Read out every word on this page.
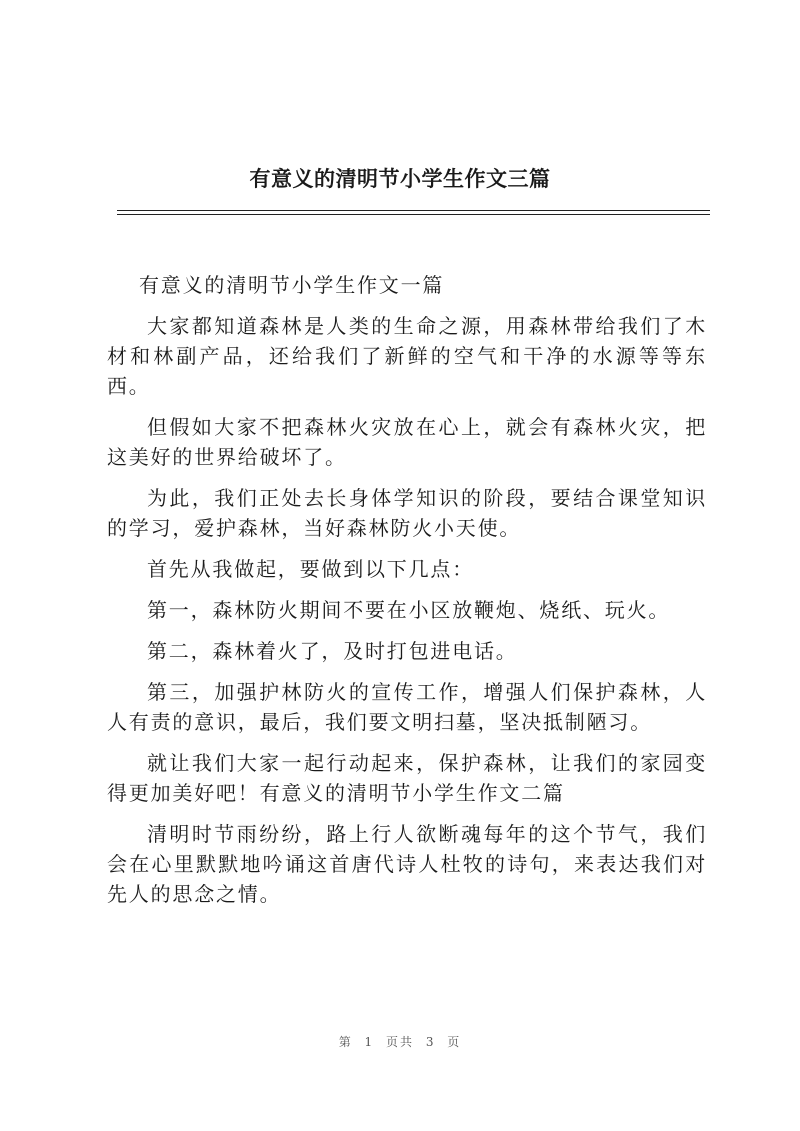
有意义的清明节小学生作文三篇

有意义的清明节小学生作文一篇

大家都知道森林是人类的生命之源，用森林带给我们了木材和林副产品，还给我们了新鲜的空气和干净的水源等等东西。

但假如大家不把森林火灾放在心上，就会有森林火灾，把这美好的世界给破坏了。

为此，我们正处去长身体学知识的阶段，要结合课堂知识的学习，爱护森林，当好森林防火小天使。

首先从我做起，要做到以下几点：

第一，森林防火期间不要在小区放鞭炮、烧纸、玩火。

第二，森林着火了，及时打包进电话。

第三，加强护林防火的宣传工作，增强人们保护森林，人人有责的意识，最后，我们要文明扫墓，坚决抵制陋习。

就让我们大家一起行动起来，保护森林，让我们的家园变得更加美好吧！有意义的清明节小学生作文二篇

清明时节雨纷纷，路上行人欲断魂每年的这个节气，我们会在心里默默地吟诵这首唐代诗人杜牧的诗句，来表达我们对先人的思念之情。

第 1 页共 3 页
